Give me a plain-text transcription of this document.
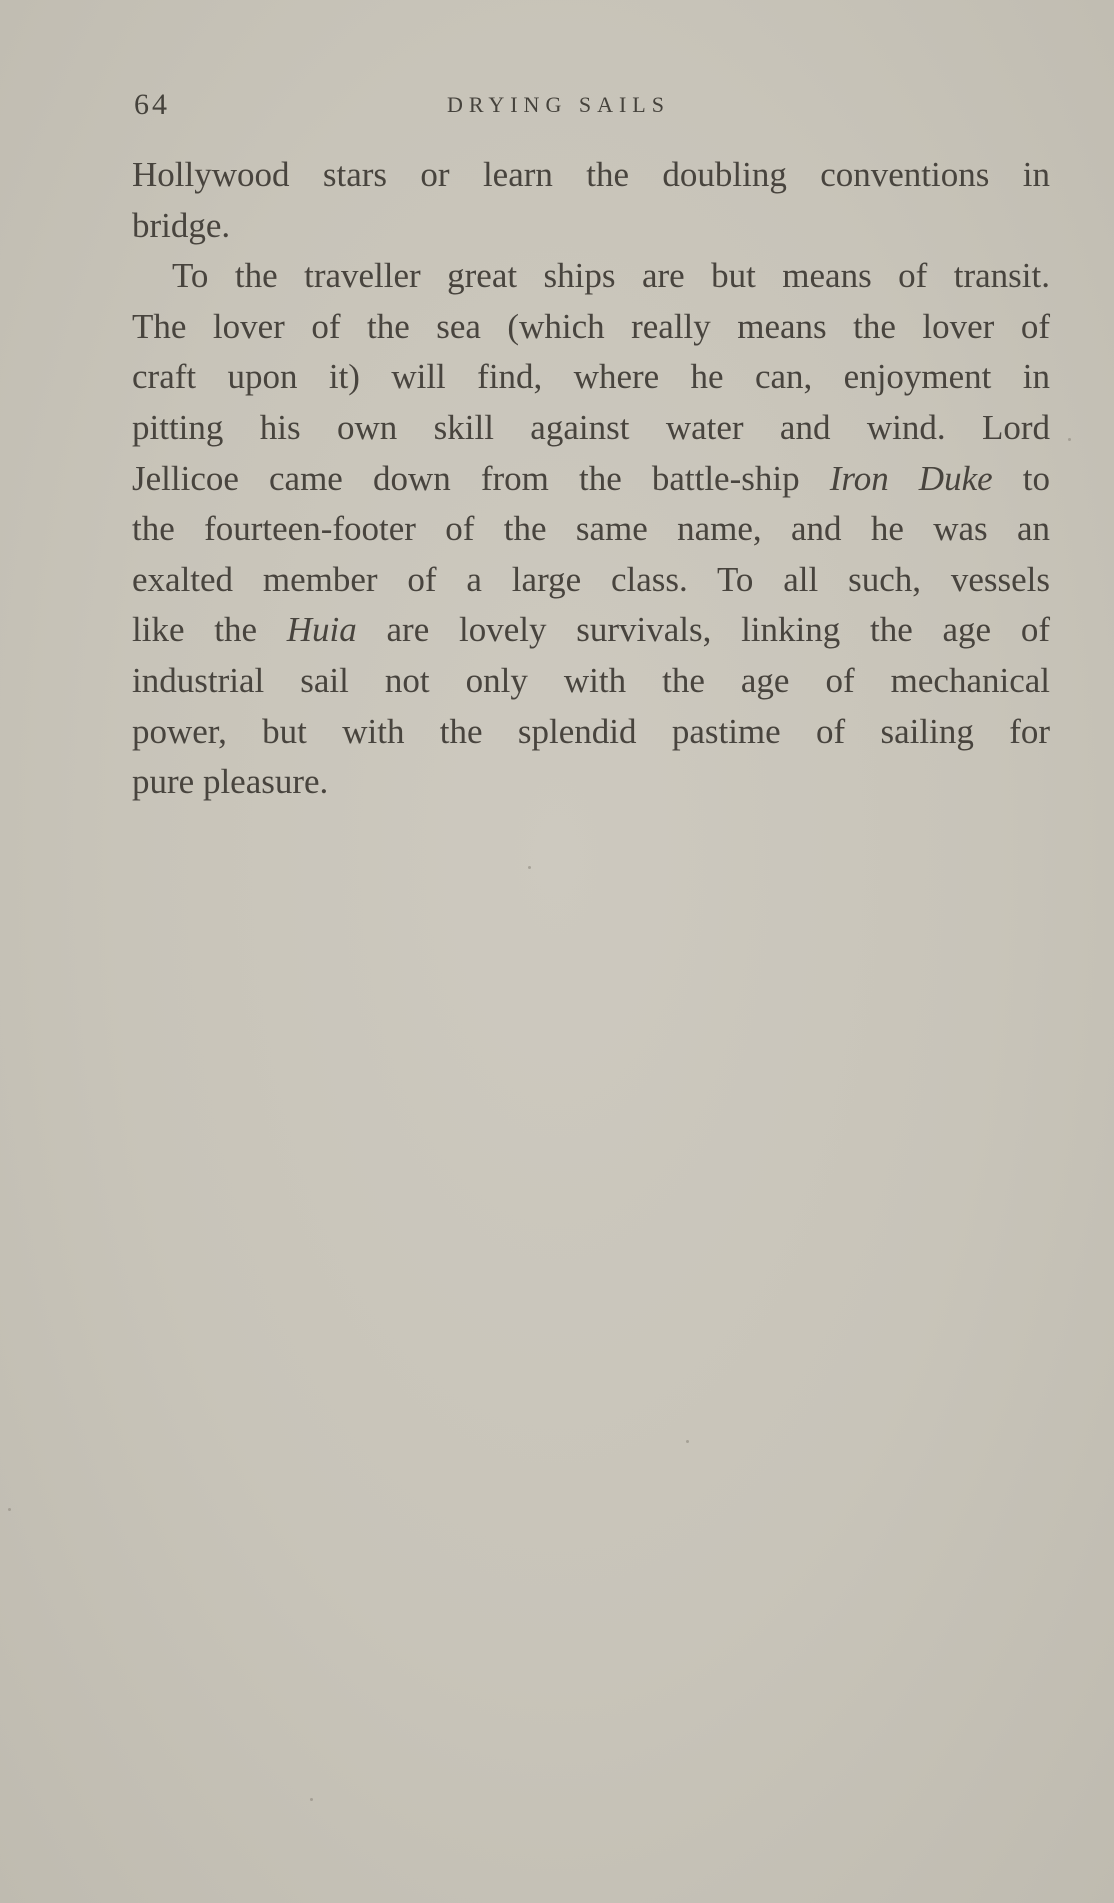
64	DRYING SAILS
Hollywood stars or learn the doubling conventions in
bridge.
To the traveller great ships are but means of transit.
The lover of the sea (which really means the lover of
craft upon it) will find, where he can, enjoyment in
pitting his own skill against water and wind. Lord
Jellicoe came down from the battle-ship Iron Duke to
the fourteen-footer of the same name, and he was an
exalted member of a large class. To all such, vessels
like the Huia are lovely survivals, linking the age of
industrial sail not only with the age of mechanical
power, but with the splendid pastime of sailing for
pure pleasure.
